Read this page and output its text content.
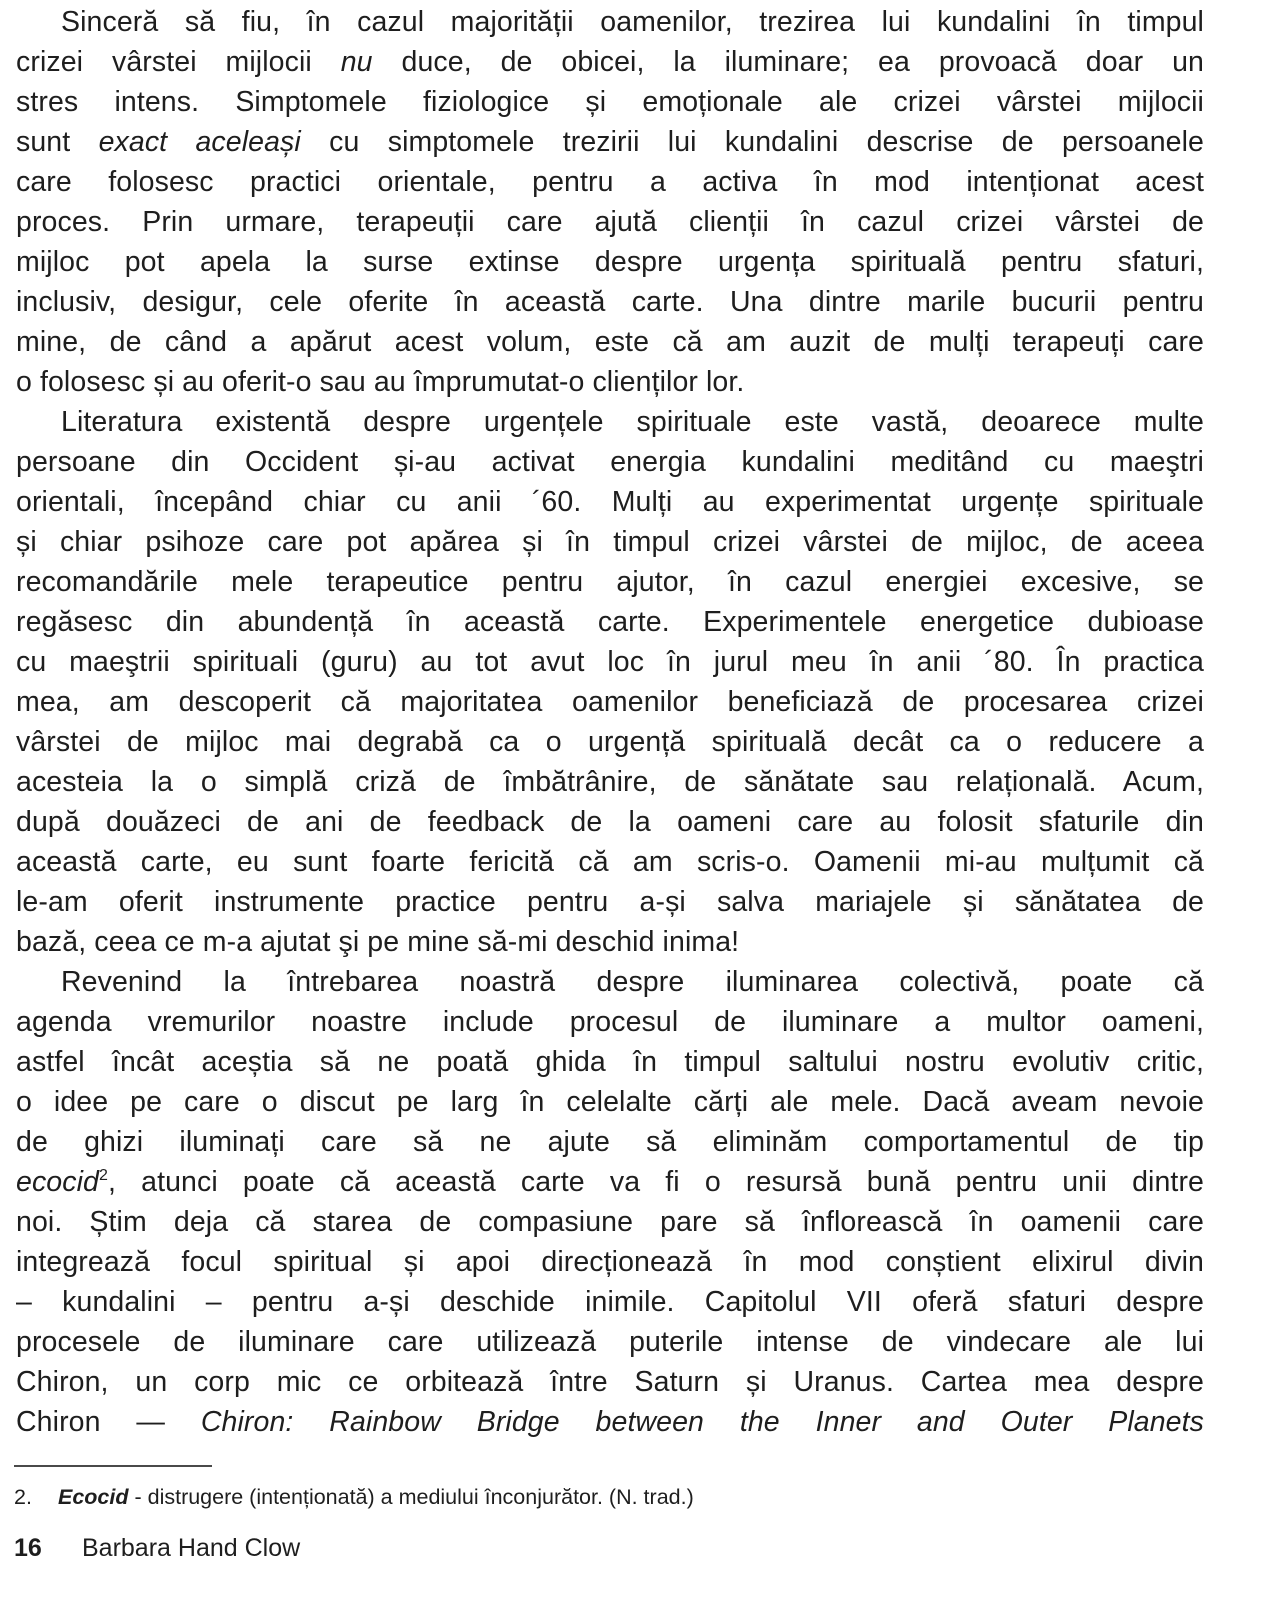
Sinceră să fiu, în cazul majorității oamenilor, trezirea lui kundalini în timpul
crizei vârstei mijlocii nu duce, de obicei, la iluminare; ea provoacă doar un
stres intens. Simptomele fiziologice și emoționale ale crizei vârstei mijlocii
sunt exact aceleași cu simptomele trezirii lui kundalini descrise de persoanele
care folosesc practici orientale, pentru a activa în mod intenționat acest
proces. Prin urmare, terapeuții care ajută clienții în cazul crizei vârstei de
mijloc pot apela la surse extinse despre urgența spirituală pentru sfaturi,
inclusiv, desigur, cele oferite în această carte. Una dintre marile bucurii pentru
mine, de când a apărut acest volum, este că am auzit de mulți terapeuți care
o folosesc și au oferit-o sau au împrumutat-o clienților lor.
Literatura existentă despre urgențele spirituale este vastă, deoarece multe
persoane din Occident și-au activat energia kundalini meditând cu maeştri
orientali, începând chiar cu anii ´60. Mulți au experimentat urgențe spirituale
și chiar psihoze care pot apărea și în timpul crizei vârstei de mijloc, de aceea
recomandările mele terapeutice pentru ajutor, în cazul energiei excesive, se
regăsesc din abundență în această carte. Experimentele energetice dubioase
cu maeştrii spirituali (guru) au tot avut loc în jurul meu în anii ´80. În practica
mea, am descoperit că majoritatea oamenilor beneficiază de procesarea crizei
vârstei de mijloc mai degrabă ca o urgență spirituală decât ca o reducere a
acesteia la o simplă criză de îmbătrânire, de sănătate sau relațională. Acum,
după douăzeci de ani de feedback de la oameni care au folosit sfaturile din
această carte, eu sunt foarte fericită că am scris-o. Oamenii mi-au mulțumit că
le-am oferit instrumente practice pentru a-și salva mariajele și sănătatea de
bază, ceea ce m-a ajutat şi pe mine să-mi deschid inima!
Revenind la întrebarea noastră despre iluminarea colectivă, poate că
agenda vremurilor noastre include procesul de iluminare a multor oameni,
astfel încât aceștia să ne poată ghida în timpul saltului nostru evolutiv critic,
o idee pe care o discut pe larg în celelalte cărți ale mele. Dacă aveam nevoie
de ghizi iluminați care să ne ajute să eliminăm comportamentul de tip
ecocid$^2$, atunci poate că această carte va fi o resursă bună pentru unii dintre
noi. Știm deja că starea de compasiune pare să înflorească în oamenii care
integrează focul spiritual și apoi direcționează în mod conștient elixirul divin
– kundalini – pentru a-și deschide inimile. Capitolul VII oferă sfaturi despre
procesele de iluminare care utilizează puterile intense de vindecare ale lui
Chiron, un corp mic ce orbitează între Saturn și Uranus. Cartea mea despre
Chiron — Chiron: Rainbow Bridge between the Inner and Outer Planets
2. Ecocid - distrugere (intenționată) a mediului înconjurător. (N. trad.)
16 Barbara Hand Clow
